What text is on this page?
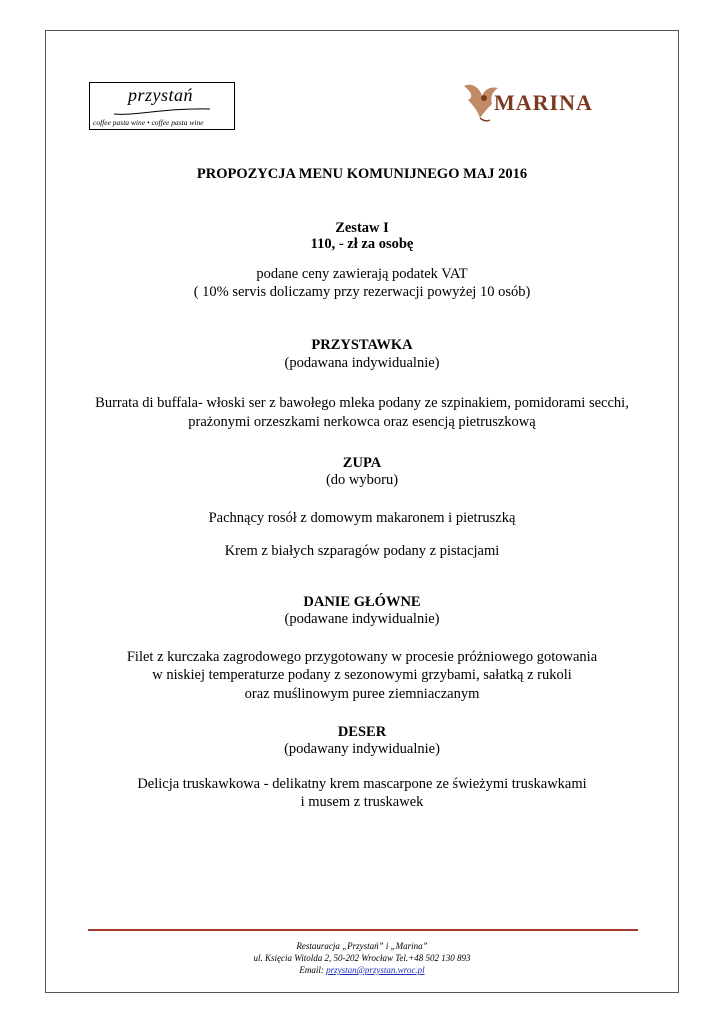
przystań
coffee pasta wine • coffee pasta wine
MARINA
PROPOZYCJA MENU KOMUNIJNEGO MAJ 2016
Zestaw I
110, - zł za osobę
podane ceny zawierają podatek VAT
( 10% servis doliczamy przy rezerwacji powyżej 10 osób)
PRZYSTAWKA
(podawana indywidualnie)
Burrata di buffala- włoski ser z bawołego mleka podany ze szpinakiem, pomidorami secchi,
prażonymi orzeszkami nerkowca oraz esencją pietruszkową
ZUPA
(do wyboru)
Pachnący rosół z domowym makaronem i pietruszką
Krem z białych szparagów podany z pistacjami
DANIE GŁÓWNE
(podawane indywidualnie)
Filet z kurczaka zagrodowego przygotowany w procesie próżniowego gotowania
w niskiej temperaturze podany z sezonowymi grzybami, sałatką z rukoli
oraz muślinowym puree ziemniaczanym
DESER
(podawany indywidualnie)
Delicja truskawkowa - delikatny krem mascarpone ze świeżymi truskawkami
i musem z truskawek
Restauracja „Przystań” i „Marina”
ul. Księcia Witolda 2, 50-202 Wrocław Tel.+48 502 130 893
Email: przystan@przystan.wroc.pl
